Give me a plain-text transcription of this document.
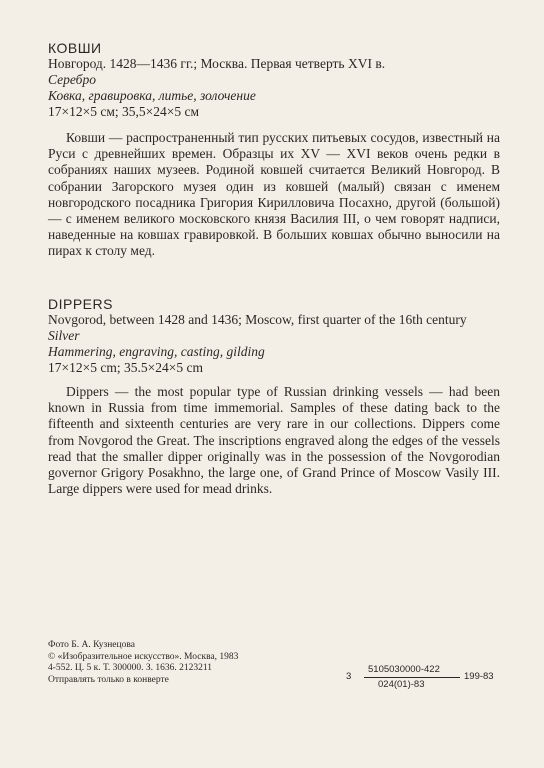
КОВШИ

Новгород. 1428—1436 гг.; Москва. Первая четверть XVI в.

Серебро

Ковка, гравировка, литье, золочение

17×12×5 см; 35,5×24×5 см

Ковши — распространенный тип русских питьевых сосудов, известный на Руси с древнейших времен. Образцы их XV — XVI веков очень редки в собраниях наших музеев. Родиной ковшей считается Великий Новгород. В собрании Загорского музея один из ковшей (малый) связан с именем новгородского посадника Григория Кирилловича Посахно, другой (большой) — с именем великого московского князя Василия III, о чем говорят надписи, наведенные на ковшах гравировкой. В больших ковшах обычно выносили на пирах к столу мед.

DIPPERS

Novgorod, between 1428 and 1436; Moscow, first quarter of the 16th century

Silver

Hammering, engraving, casting, gilding

17×12×5 cm; 35.5×24×5 cm

Dippers — the most popular type of Russian drinking vessels — had been known in Russia from time immemorial. Samples of these dating back to the fifteenth and sixteenth centuries are very rare in our collections. Dippers come from Novgorod the Great. The inscriptions engraved along the edges of the vessels read that the smaller dipper originally was in the possession of the Novgorodian governor Grigory Posakhno, the large one, of Grand Prince of Moscow Vasily III. Large dippers were used for mead drinks.

Фото Б. А. Кузнецова

© «Изобразительное искусство». Москва, 1983

4-552. Ц. 5 к. Т. 300000. З. 1636. 2123211

Отправлять только в конверте	3
5105030000-422
024(01)-83
199-83
